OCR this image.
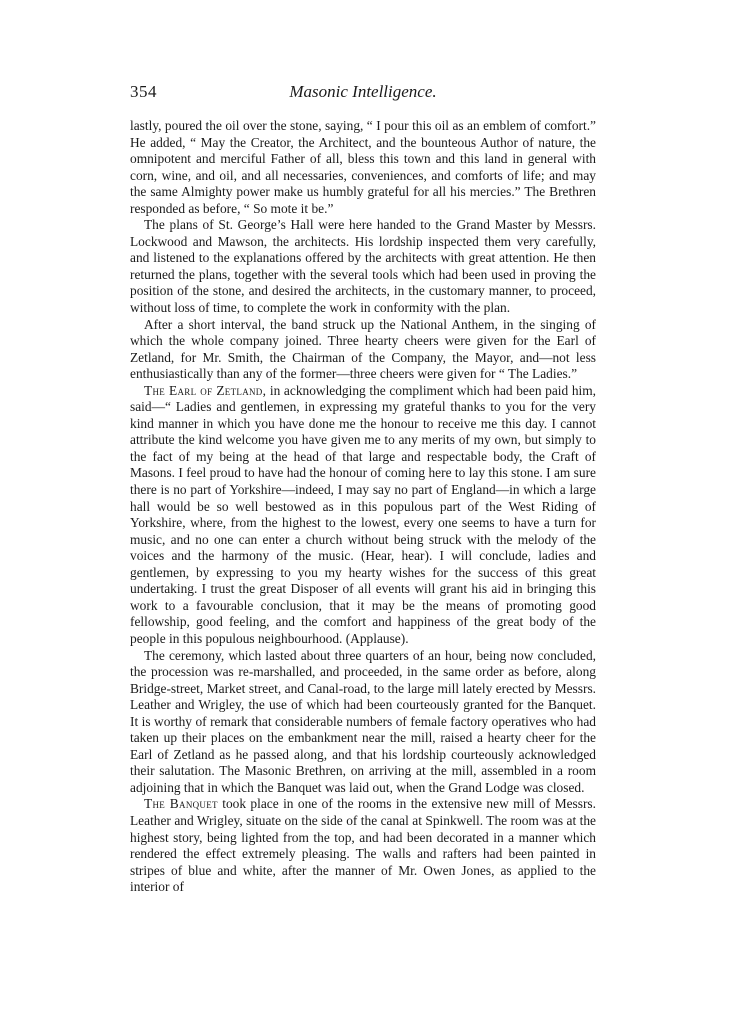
354	Masonic Intelligence.

lastly, poured the oil over the stone, saying, “ I pour this oil as an emblem of comfort.” He added, “ May the Creator, the Architect, and the bounteous Author of nature, the omnipotent and merciful Father of all, bless this town and this land in general with corn, wine, and oil, and all necessaries, conveniences, and comforts of life; and may the same Almighty power make us humbly grateful for all his mercies.” The Brethren responded as before, “ So mote it be.”

The plans of St. George’s Hall were here handed to the Grand Master by Messrs. Lockwood and Mawson, the architects. His lordship inspected them very carefully, and listened to the explanations offered by the architects with great attention. He then returned the plans, together with the several tools which had been used in proving the position of the stone, and desired the architects, in the customary manner, to proceed, without loss of time, to complete the work in conformity with the plan.

After a short interval, the band struck up the National Anthem, in the singing of which the whole company joined. Three hearty cheers were given for the Earl of Zetland, for Mr. Smith, the Chairman of the Company, the Mayor, and—not less enthusiastically than any of the former—three cheers were given for “ The Ladies.”

The Earl of Zetland, in acknowledging the compliment which had been paid him, said—“ Ladies and gentlemen, in expressing my grateful thanks to you for the very kind manner in which you have done me the honour to receive me this day. I cannot attribute the kind welcome you have given me to any merits of my own, but simply to the fact of my being at the head of that large and respectable body, the Craft of Masons. I feel proud to have had the honour of coming here to lay this stone. I am sure there is no part of Yorkshire—indeed, I may say no part of England—in which a large hall would be so well bestowed as in this populous part of the West Riding of Yorkshire, where, from the highest to the lowest, every one seems to have a turn for music, and no one can enter a church without being struck with the melody of the voices and the harmony of the music. (Hear, hear). I will conclude, ladies and gentlemen, by expressing to you my hearty wishes for the success of this great undertaking. I trust the great Disposer of all events will grant his aid in bringing this work to a favourable conclusion, that it may be the means of promoting good fellowship, good feeling, and the comfort and happiness of the great body of the people in this populous neighbourhood. (Applause).

The ceremony, which lasted about three quarters of an hour, being now concluded, the procession was re-marshalled, and proceeded, in the same order as before, along Bridge-street, Market street, and Canal-road, to the large mill lately erected by Messrs. Leather and Wrigley, the use of which had been courteously granted for the Banquet. It is worthy of remark that considerable numbers of female factory operatives who had taken up their places on the embankment near the mill, raised a hearty cheer for the Earl of Zetland as he passed along, and that his lordship courteously acknowledged their salutation. The Masonic Brethren, on arriving at the mill, assembled in a room adjoining that in which the Banquet was laid out, when the Grand Lodge was closed.

The Banquet took place in one of the rooms in the extensive new mill of Messrs. Leather and Wrigley, situate on the side of the canal at Spinkwell. The room was at the highest story, being lighted from the top, and had been decorated in a manner which rendered the effect extremely pleasing. The walls and rafters had been painted in stripes of blue and white, after the manner of Mr. Owen Jones, as applied to the interior of
